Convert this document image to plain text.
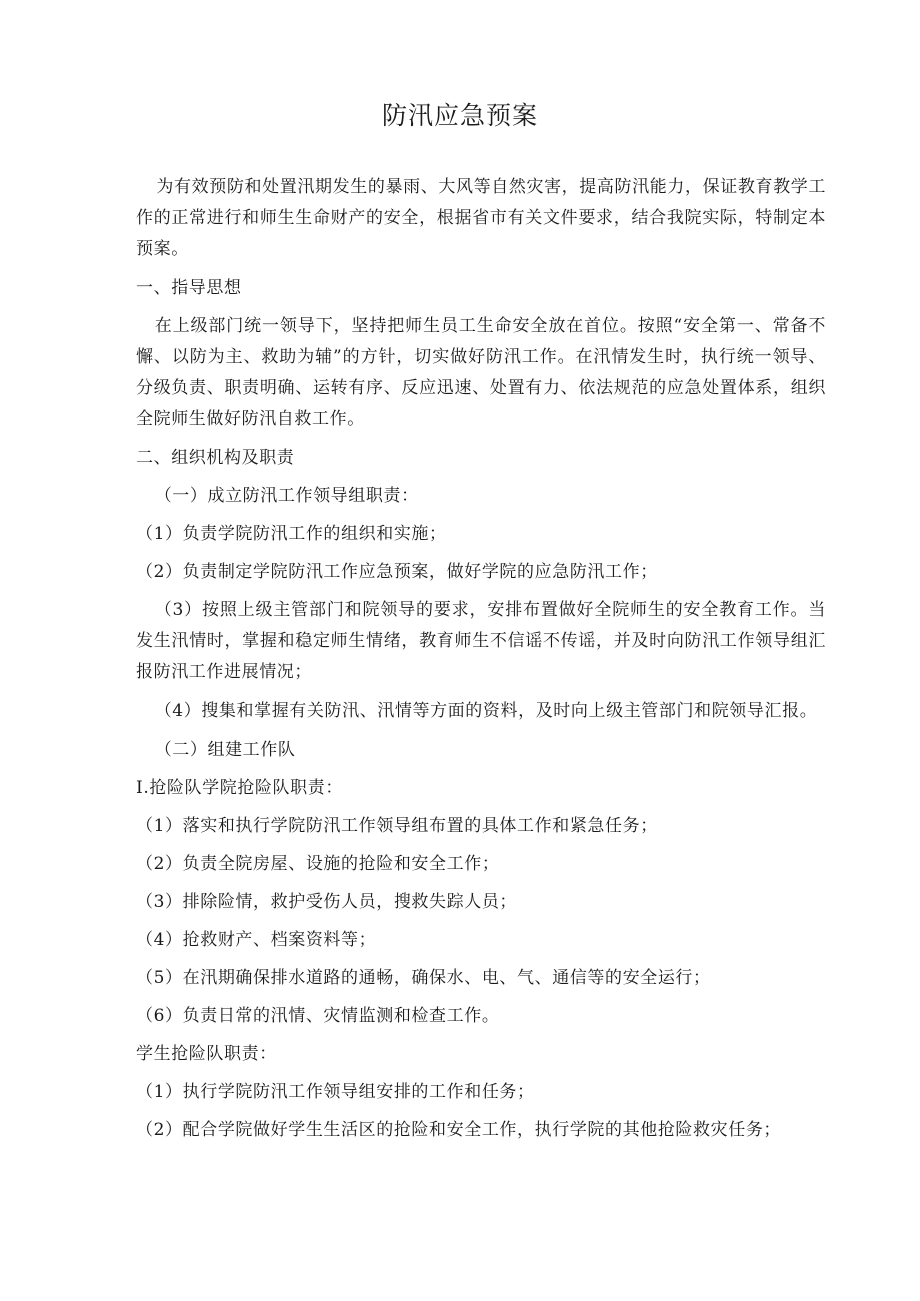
防汛应急预案

为有效预防和处置汛期发生的暴雨、大风等自然灾害，提高防汛能力，保证教育教学工作的正常进行和师生生命财产的安全，根据省市有关文件要求，结合我院实际，特制定本预案。

一、指导思想

在上级部门统一领导下，坚持把师生员工生命安全放在首位。按照“安全第一、常备不懈、以防为主、救助为辅”的方针，切实做好防汛工作。在汛情发生时，执行统一领导、分级负责、职责明确、运转有序、反应迅速、处置有力、依法规范的应急处置体系，组织全院师生做好防汛自救工作。

二、组织机构及职责

（一）成立防汛工作领导组职责：

（1）负责学院防汛工作的组织和实施；

（2）负责制定学院防汛工作应急预案，做好学院的应急防汛工作；

（3）按照上级主管部门和院领导的要求，安排布置做好全院师生的安全教育工作。当发生汛情时，掌握和稳定师生情绪，教育师生不信谣不传谣，并及时向防汛工作领导组汇报防汛工作进展情况；

（4）搜集和掌握有关防汛、汛情等方面的资料，及时向上级主管部门和院领导汇报。

（二）组建工作队

I.抢险队学院抢险队职责：

（1）落实和执行学院防汛工作领导组布置的具体工作和紧急任务；

（2）负责全院房屋、设施的抢险和安全工作；

（3）排除险情，救护受伤人员，搜救失踪人员；

（4）抢救财产、档案资料等；

（5）在汛期确保排水道路的通畅，确保水、电、气、通信等的安全运行；

（6）负责日常的汛情、灾情监测和检查工作。

学生抢险队职责：

（1）执行学院防汛工作领导组安排的工作和任务；

（2）配合学院做好学生生活区的抢险和安全工作，执行学院的其他抢险救灾任务；
